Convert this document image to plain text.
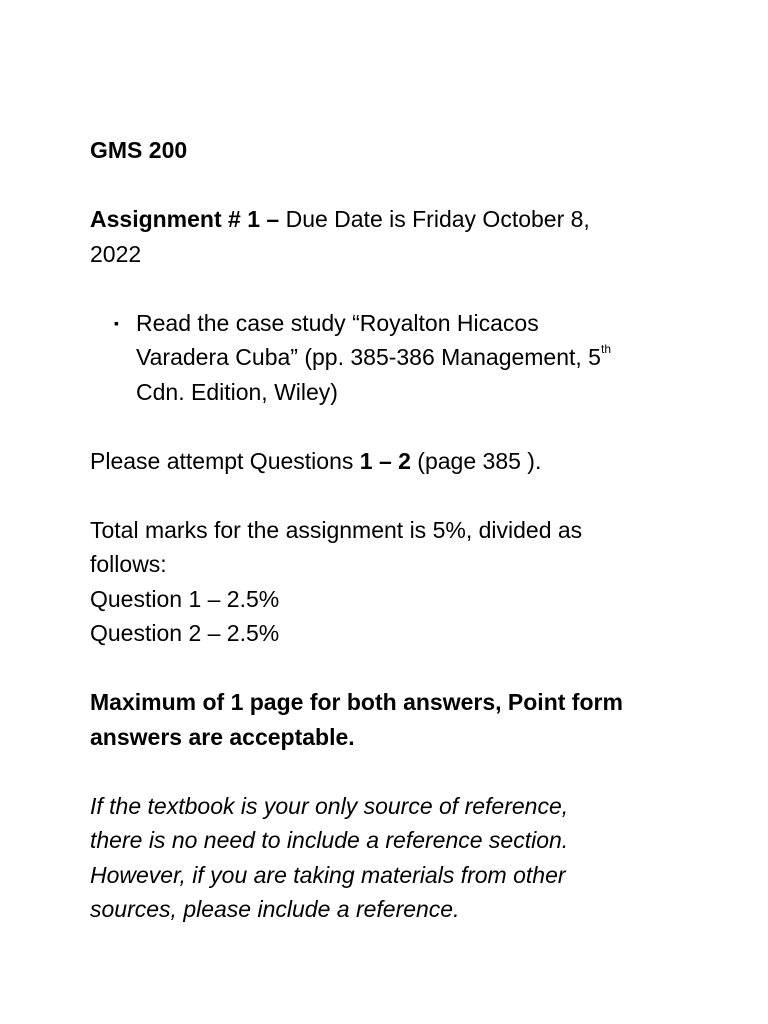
GMS 200

Assignment # 1 – Due Date is Friday October 8,

2022

▪ Read the case study “Royalton Hicacos

Varadera Cuba” (pp. 385-386 Management, 5th

Cdn. Edition, Wiley)

Please attempt Questions 1 – 2 (page 385 ).

Total marks for the assignment is 5%, divided as

follows:

Question 1 – 2.5%

Question 2 – 2.5%

Maximum of 1 page for both answers, Point form

answers are acceptable.

If the textbook is your only source of reference,

there is no need to include a reference section.

However, if you are taking materials from other

sources, please include a reference.
